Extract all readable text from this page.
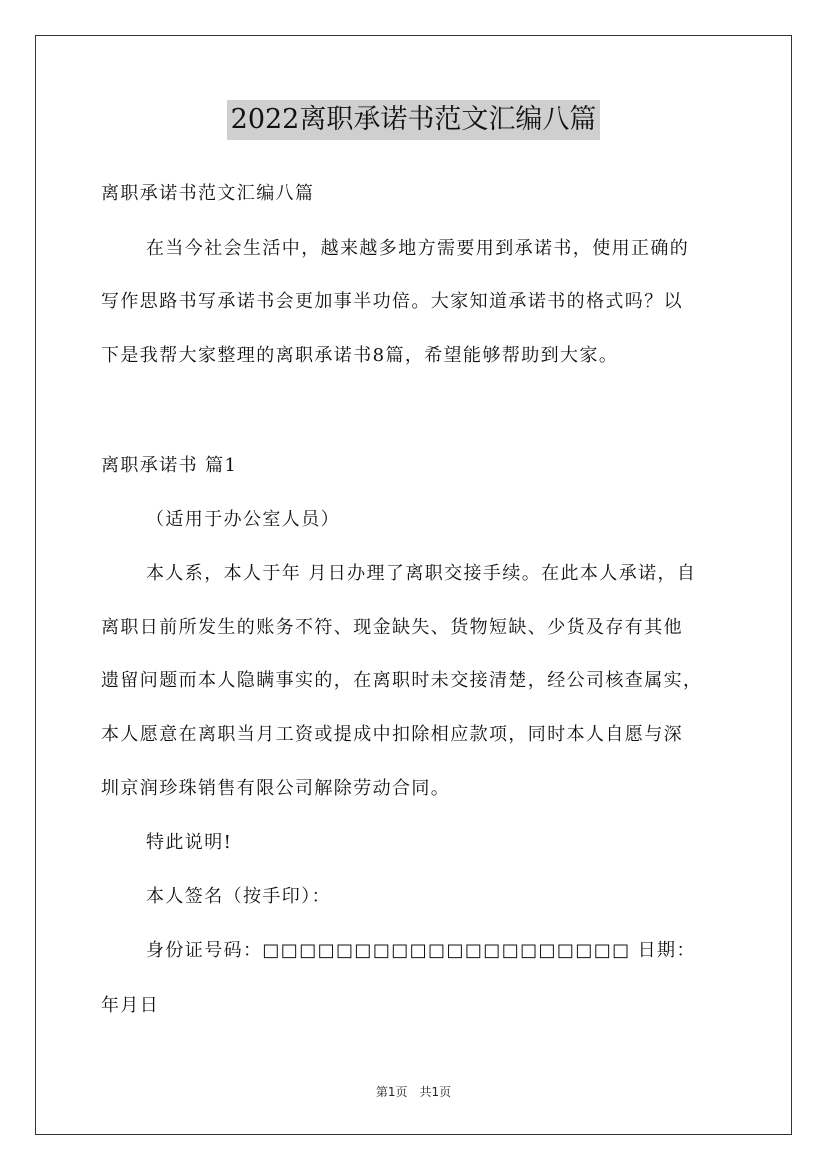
2022离职承诺书范文汇编八篇
离职承诺书范文汇编八篇
在当今社会生活中，越来越多地方需要用到承诺书，使用正确的
写作思路书写承诺书会更加事半功倍。大家知道承诺书的格式吗？以
下是我帮大家整理的离职承诺书8篇，希望能够帮助到大家。
离职承诺书 篇1
（适用于办公室人员）
本人系，本人于年 月日办理了离职交接手续。在此本人承诺，自
离职日前所发生的账务不符、现金缺失、货物短缺、少货及存有其他
遗留问题而本人隐瞒事实的，在离职时未交接清楚，经公司核查属实，
本人愿意在离职当月工资或提成中扣除相应款项，同时本人自愿与深
圳京润珍珠销售有限公司解除劳动合同。
特此说明!
本人签名（按手印）：
身份证号码：□□□□□□□□□□□□□□□□□□□□ 日期：
年月日
第1页　共1页
